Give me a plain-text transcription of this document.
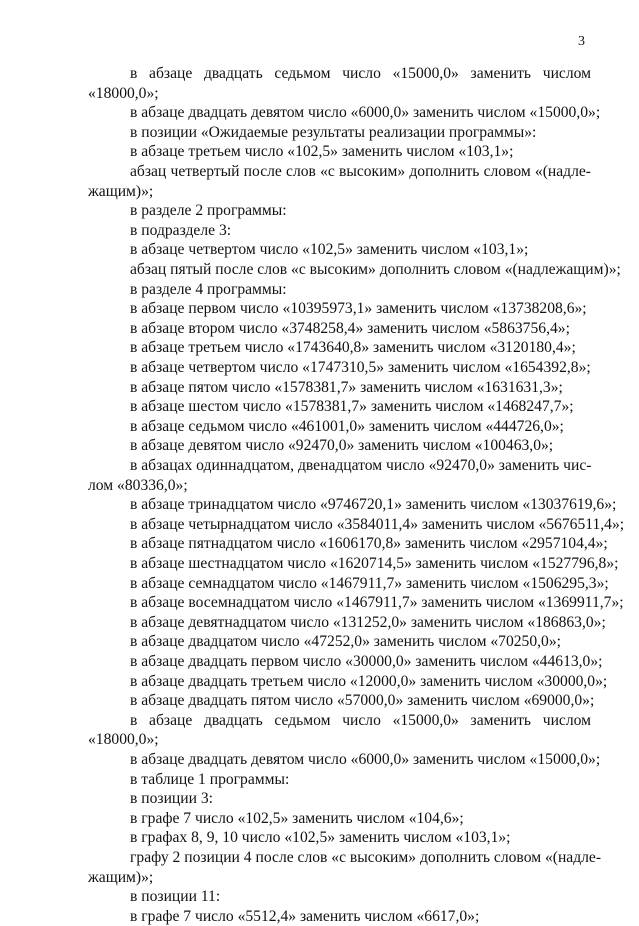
3
в абзаце двадцать седьмом число «15000,0» заменить числом
«18000,0»;
в абзаце двадцать девятом число «6000,0» заменить числом «15000,0»;
в позиции «Ожидаемые результаты реализации программы»:
в абзаце третьем число «102,5» заменить числом «103,1»;
абзац четвертый после слов «с высоким» дополнить словом «(надле-
жащим)»;
в разделе 2 программы:
в подразделе 3:
в абзаце четвертом число «102,5» заменить числом «103,1»;
абзац пятый после слов «с высоким» дополнить словом «(надлежащим)»;
в разделе 4 программы:
в абзаце первом число «10395973,1» заменить числом «13738208,6»;
в абзаце втором число «3748258,4» заменить числом «5863756,4»;
в абзаце третьем число «1743640,8» заменить числом «3120180,4»;
в абзаце четвертом число «1747310,5» заменить числом «1654392,8»;
в абзаце пятом число «1578381,7» заменить числом «1631631,3»;
в абзаце шестом число «1578381,7» заменить числом «1468247,7»;
в абзаце седьмом число «461001,0» заменить числом «444726,0»;
в абзаце девятом число «92470,0» заменить числом «100463,0»;
в абзацах одиннадцатом, двенадцатом число «92470,0» заменить чис-
лом «80336,0»;
в абзаце тринадцатом число «9746720,1» заменить числом «13037619,6»;
в абзаце четырнадцатом число «3584011,4» заменить числом «5676511,4»;
в абзаце пятнадцатом число «1606170,8» заменить числом «2957104,4»;
в абзаце шестнадцатом число «1620714,5» заменить числом «1527796,8»;
в абзаце семнадцатом число «1467911,7» заменить числом «1506295,3»;
в абзаце восемнадцатом число «1467911,7» заменить числом «1369911,7»;
в абзаце девятнадцатом число «131252,0» заменить числом «186863,0»;
в абзаце двадцатом число «47252,0» заменить числом «70250,0»;
в абзаце двадцать первом число «30000,0» заменить числом «44613,0»;
в абзаце двадцать третьем число «12000,0» заменить числом «30000,0»;
в абзаце двадцать пятом число «57000,0» заменить числом «69000,0»;
в абзаце двадцать седьмом число «15000,0» заменить числом
«18000,0»;
в абзаце двадцать девятом число «6000,0» заменить числом «15000,0»;
в таблице 1 программы:
в позиции 3:
в графе 7 число «102,5» заменить числом «104,6»;
в графах 8, 9, 10 число «102,5» заменить числом «103,1»;
графу 2 позиции 4 после слов «с высоким» дополнить словом «(надле-
жащим)»;
в позиции 11:
в графе 7 число «5512,4» заменить числом «6617,0»;
